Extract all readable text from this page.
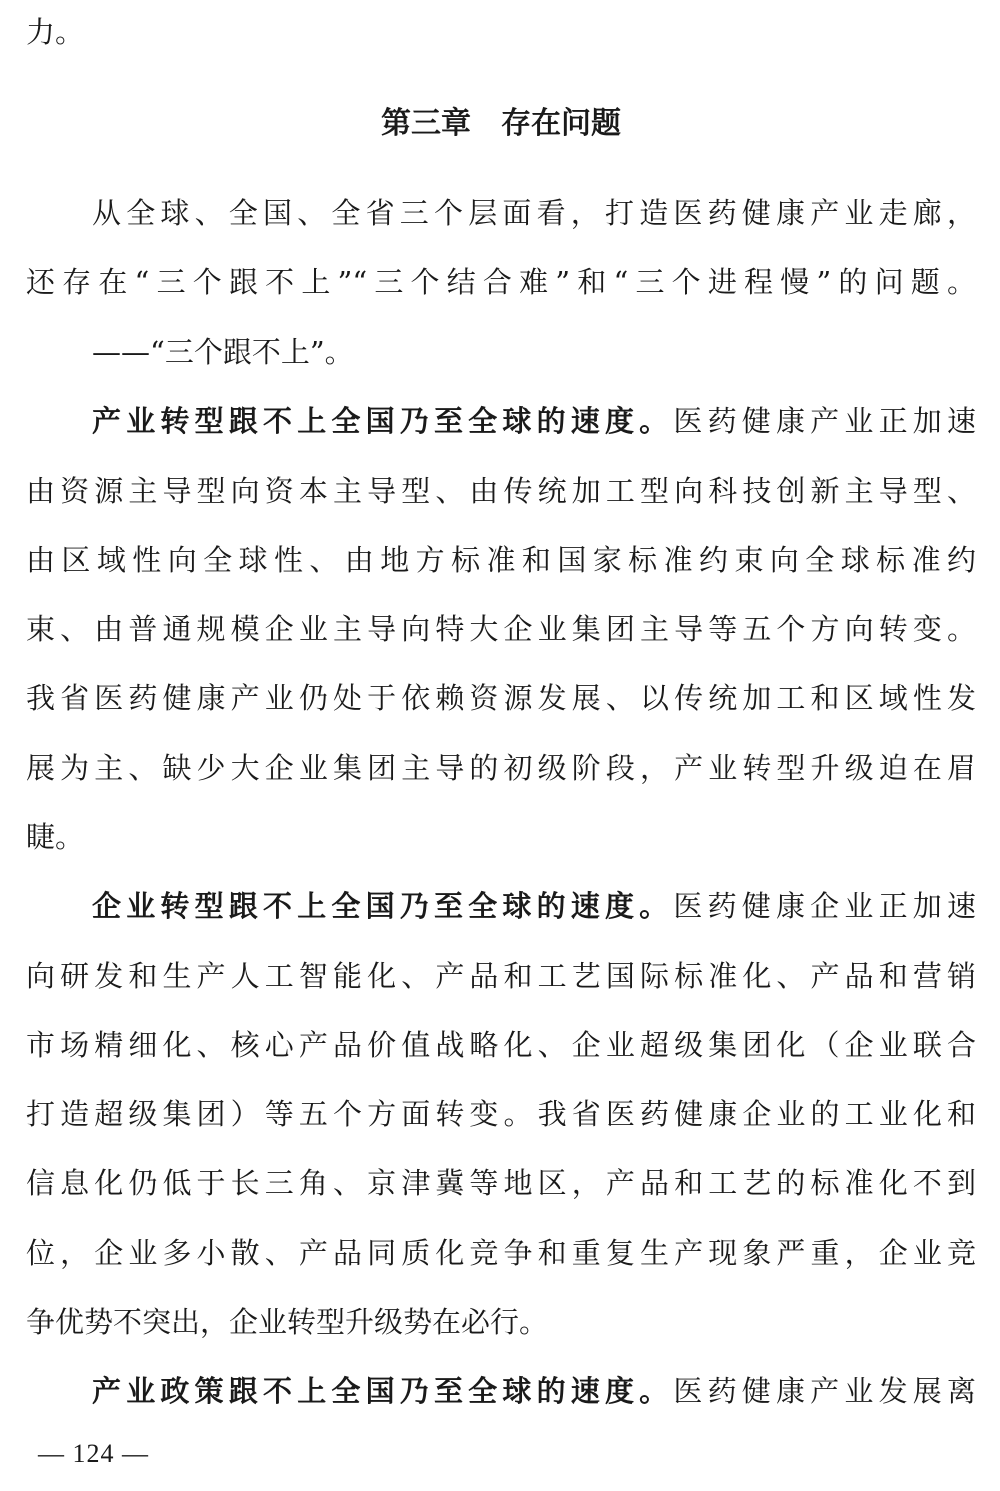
力。
第三章　存在问题
从全球、全国、全省三个层面看，打造医药健康产业走廊，
还存在“三个跟不上”“三个结合难”和“三个进程慢”的问题。
——“三个跟不上”。
产业转型跟不上全国乃至全球的速度。医药健康产业正加速
由资源主导型向资本主导型、由传统加工型向科技创新主导型、
由区域性向全球性、由地方标准和国家标准约束向全球标准约
束、由普通规模企业主导向特大企业集团主导等五个方向转变。
我省医药健康产业仍处于依赖资源发展、以传统加工和区域性发
展为主、缺少大企业集团主导的初级阶段，产业转型升级迫在眉
睫。
企业转型跟不上全国乃至全球的速度。医药健康企业正加速
向研发和生产人工智能化、产品和工艺国际标准化、产品和营销
市场精细化、核心产品价值战略化、企业超级集团化（企业联合
打造超级集团）等五个方面转变。我省医药健康企业的工业化和
信息化仍低于长三角、京津冀等地区，产品和工艺的标准化不到
位，企业多小散、产品同质化竞争和重复生产现象严重，企业竞
争优势不突出，企业转型升级势在必行。
产业政策跟不上全国乃至全球的速度。医药健康产业发展离
— 124 —
